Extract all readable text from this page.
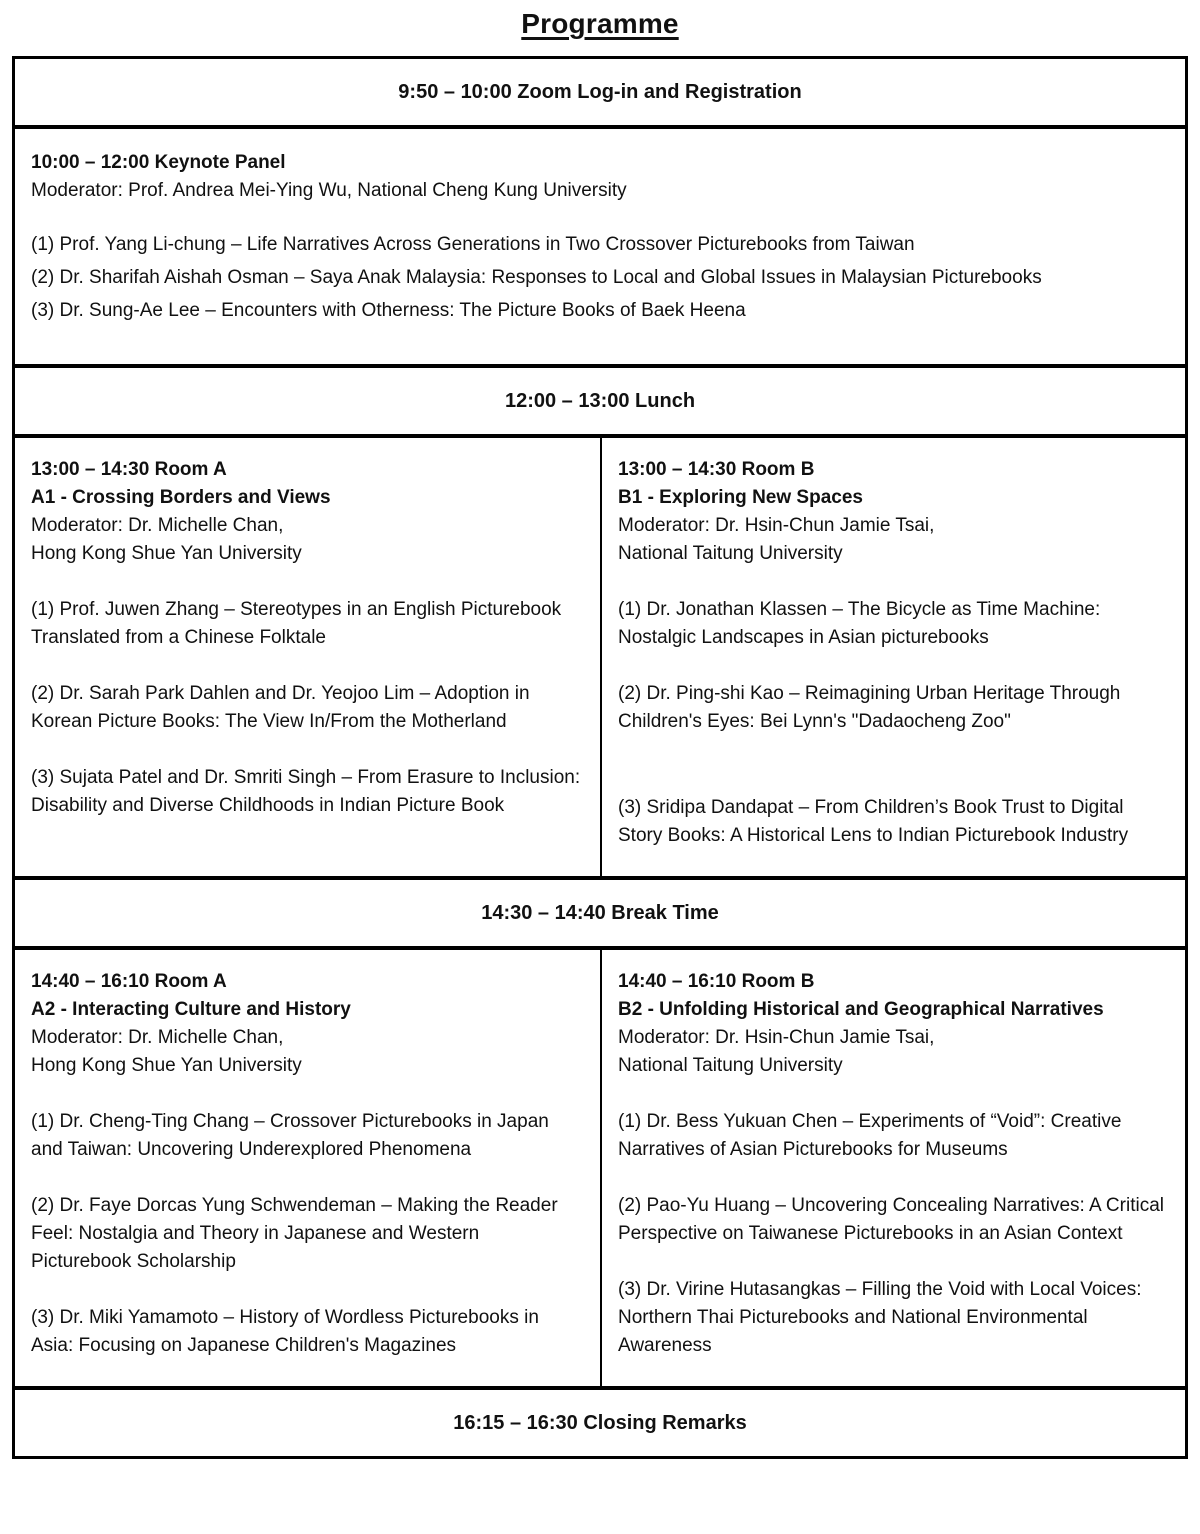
Programme
9:50 – 10:00 Zoom Log-in and Registration
10:00 – 12:00 Keynote Panel
Moderator: Prof. Andrea Mei-Ying Wu, National Cheng Kung University
(1) Prof. Yang Li-chung – Life Narratives Across Generations in Two Crossover Picturebooks from Taiwan
(2) Dr. Sharifah Aishah Osman – Saya Anak Malaysia: Responses to Local and Global Issues in Malaysian Picturebooks
(3) Dr. Sung-Ae Lee – Encounters with Otherness: The Picture Books of Baek Heena
12:00 – 13:00 Lunch
13:00 – 14:30 Room A
A1 - Crossing Borders and Views
Moderator: Dr. Michelle Chan,
Hong Kong Shue Yan University

(1) Prof. Juwen Zhang – Stereotypes in an English Picturebook Translated from a Chinese Folktale

(2) Dr. Sarah Park Dahlen and Dr. Yeojoo Lim – Adoption in Korean Picture Books: The View In/From the Motherland

(3) Sujata Patel and Dr. Smriti Singh – From Erasure to Inclusion: Disability and Diverse Childhoods in Indian Picture Book

13:00 – 14:30 Room B
B1 - Exploring New Spaces
Moderator: Dr. Hsin-Chun Jamie Tsai,
National Taitung University

(1) Dr. Jonathan Klassen – The Bicycle as Time Machine: Nostalgic Landscapes in Asian picturebooks

(2) Dr. Ping-shi Kao – Reimagining Urban Heritage Through Children's Eyes: Bei Lynn's "Dadaocheng Zoo"

(3) Sridipa Dandapat – From Children’s Book Trust to Digital Story Books: A Historical Lens to Indian Picturebook Industry

14:30 – 14:40 Break Time
14:40 – 16:10 Room A
A2 - Interacting Culture and History
Moderator: Dr. Michelle Chan,
Hong Kong Shue Yan University

(1) Dr. Cheng-Ting Chang – Crossover Picturebooks in Japan and Taiwan: Uncovering Underexplored Phenomena

(2) Dr. Faye Dorcas Yung Schwendeman – Making the Reader Feel: Nostalgia and Theory in Japanese and Western Picturebook Scholarship

(3) Dr. Miki Yamamoto – History of Wordless Picturebooks in Asia: Focusing on Japanese Children's Magazines

14:40 – 16:10 Room B
B2 - Unfolding Historical and Geographical Narratives
Moderator: Dr. Hsin-Chun Jamie Tsai,
National Taitung University

(1) Dr. Bess Yukuan Chen – Experiments of “Void”: Creative Narratives of Asian Picturebooks for Museums

(2) Pao-Yu Huang – Uncovering Concealing Narratives: A Critical Perspective on Taiwanese Picturebooks in an Asian Context

(3) Dr. Virine Hutasangkas – Filling the Void with Local Voices: Northern Thai Picturebooks and National Environmental Awareness

16:15 – 16:30 Closing Remarks
